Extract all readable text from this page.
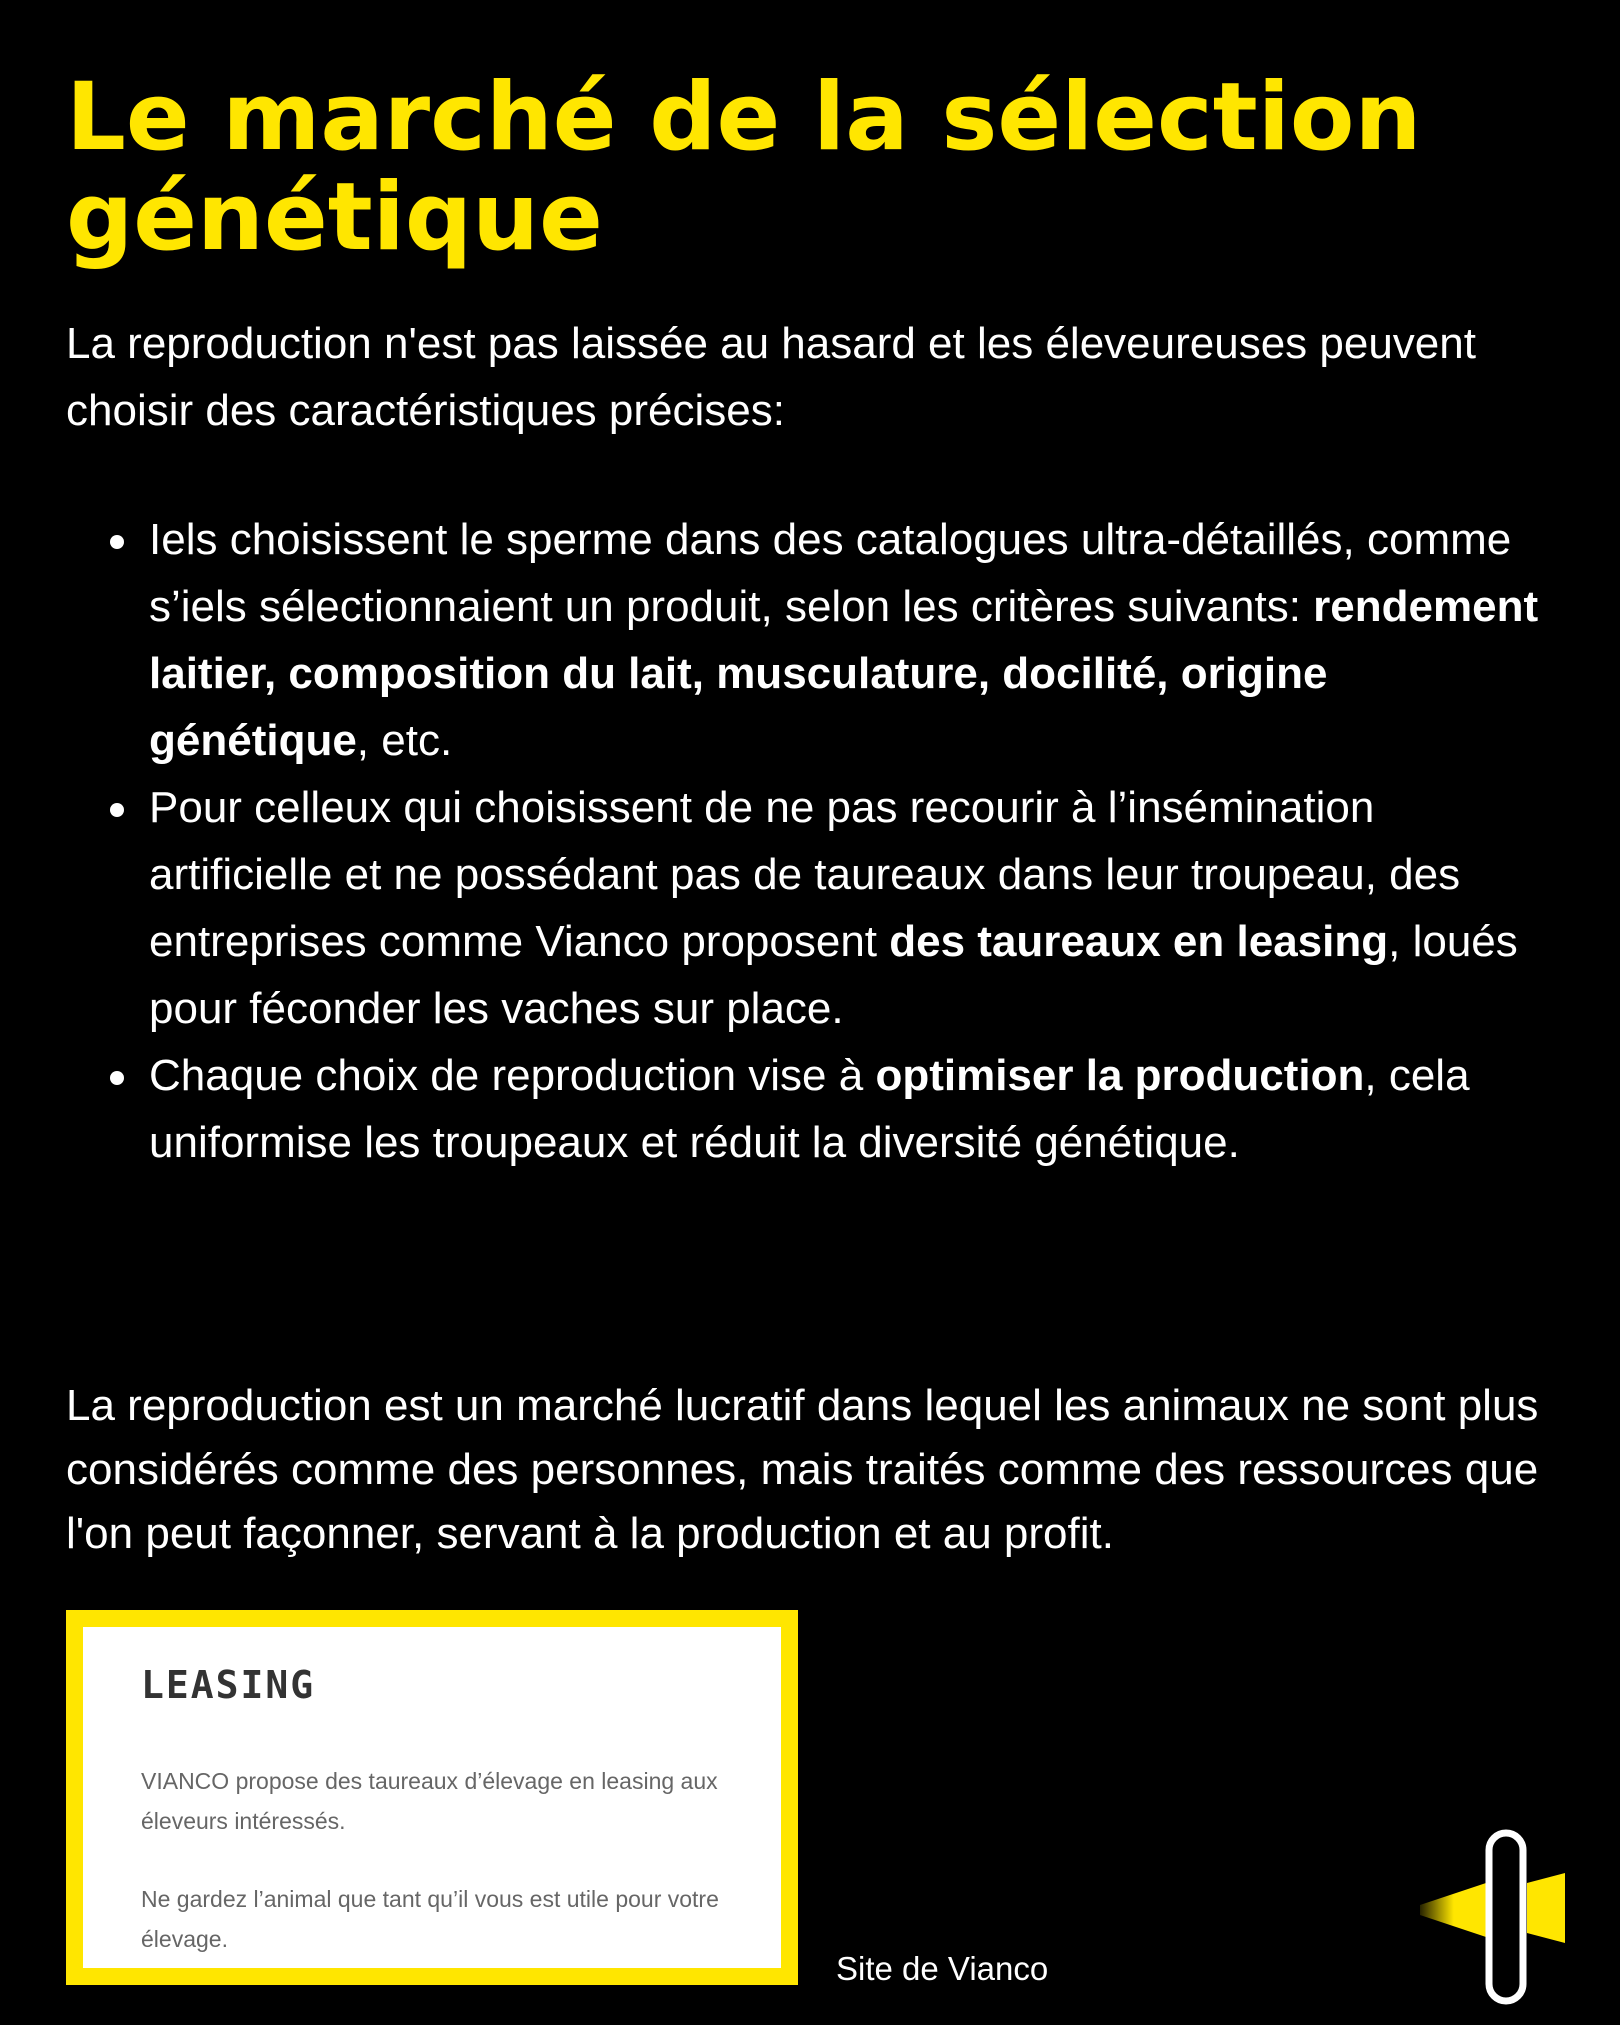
Le marché de la sélection génétique

La reproduction n'est pas laissée au hasard et les éleveureuses peuvent choisir des caractéristiques précises:

Iels choisissent le sperme dans des catalogues ultra-détaillés, comme s’iels sélectionnaient un produit, selon les critères suivants: rendement laitier, composition du lait, musculature, docilité, origine génétique, etc.
Pour celleux qui choisissent de ne pas recourir à l’insémination artificielle et ne possédant pas de taureaux dans leur troupeau, des entreprises comme Vianco proposent des taureaux en leasing, loués pour féconder les vaches sur place.
Chaque choix de reproduction vise à optimiser la production, cela uniformise les troupeaux et réduit la diversité génétique.

La reproduction est un marché lucratif dans lequel les animaux ne sont plus considérés comme des personnes, mais traités comme des ressources que l'on peut façonner, servant à la production et au profit.

LEASING

VIANCO propose des taureaux d’élevage en leasing aux éleveurs intéressés.

Ne gardez l’animal que tant qu’il vous est utile pour votre élevage.

Site de Vianco
